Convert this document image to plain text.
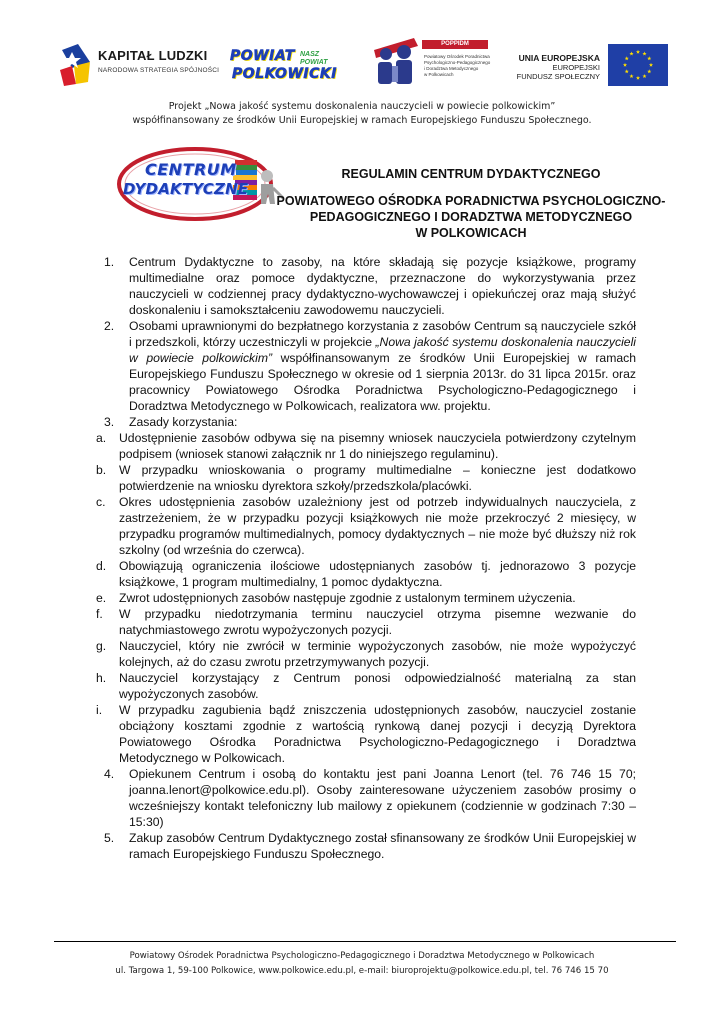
KAPITAŁ LUDZKI
NARODOWA STRATEGIA SPÓJNOŚCI
POWIAT
POLKOWICKI
NASZ
POWIAT
POPPIDM
Powiatowy Ośrodek Poradnictwa
Psychologiczno-Pedagogicznego
i Doradztwa Metodycznego
w Polkowicach
UNIA EUROPEJSKA
EUROPEJSKI
FUNDUSZ SPOŁECZNY
Projekt „Nowa jakość systemu doskonalenia nauczycieli w powiecie polkowickim”
współfinansowany ze środków Unii Europejskiej w ramach Europejskiego Funduszu Społecznego.
CENTRUM
DYDAKTYCZNE
REGULAMIN CENTRUM DYDAKTYCZNEGO
POWIATOWEGO OŚRODKA PORADNICTWA PSYCHOLOGICZNO-
PEDAGOGICZNEGO I DORADZTWA METODYCZNEGO
W POLKOWICACH
1. Centrum Dydaktyczne to zasoby, na które składają się pozycje książkowe, programy multimedialne oraz pomoce dydaktyczne, przeznaczone do wykorzystywania przez nauczycieli w codziennej pracy dydaktyczno-wychowawczej i opiekuńczej oraz mają służyć doskonaleniu i samokształceniu zawodowemu nauczycieli.
2. Osobami uprawnionymi do bezpłatnego korzystania z zasobów Centrum są nauczyciele szkół i przedszkoli, którzy uczestniczyli w projekcie „Nowa jakość systemu doskonalenia nauczycieli w powiecie polkowickim” współfinansowanym ze środków Unii Europejskiej w ramach Europejskiego Funduszu Społecznego w okresie od 1 sierpnia 2013r. do 31 lipca 2015r. oraz pracownicy Powiatowego Ośrodka Poradnictwa Psychologiczno-Pedagogicznego i Doradztwa Metodycznego w Polkowicach, realizatora ww. projektu.
3. Zasady korzystania:
a. Udostępnienie zasobów odbywa się na pisemny wniosek nauczyciela potwierdzony czytelnym podpisem (wniosek stanowi załącznik nr 1 do niniejszego regulaminu).
b. W przypadku wnioskowania o programy multimedialne – konieczne jest dodatkowo potwierdzenie na wniosku dyrektora szkoły/przedszkola/placówki.
c. Okres udostępnienia zasobów uzależniony jest od potrzeb indywidualnych nauczyciela, z zastrzeżeniem, że w przypadku pozycji książkowych nie może przekroczyć 2 miesięcy, w przypadku programów multimedialnych, pomocy dydaktycznych – nie może być dłuższy niż rok szkolny (od września do czerwca).
d. Obowiązują ograniczenia ilościowe udostępnianych zasobów tj. jednorazowo 3 pozycje książkowe, 1 program multimedialny, 1 pomoc dydaktyczna.
e. Zwrot udostępnionych zasobów następuje zgodnie z ustalonym terminem użyczenia.
f. W przypadku niedotrzymania terminu nauczyciel otrzyma pisemne wezwanie do natychmiastowego zwrotu wypożyczonych pozycji.
g. Nauczyciel, który nie zwrócił w terminie wypożyczonych zasobów, nie może wypożyczyć kolejnych, aż do czasu zwrotu przetrzymywanych pozycji.
h. Nauczyciel korzystający z Centrum ponosi odpowiedzialność materialną za stan wypożyczonych zasobów.
i. W przypadku zagubienia bądź zniszczenia udostępnionych zasobów, nauczyciel zostanie obciążony kosztami zgodnie z wartością rynkową danej pozycji i decyzją Dyrektora Powiatowego Ośrodka Poradnictwa Psychologiczno-Pedagogicznego i Doradztwa Metodycznego w Polkowicach.
4. Opiekunem Centrum i osobą do kontaktu jest pani Joanna Lenort (tel. 76 746 15 70; joanna.lenort@polkowice.edu.pl). Osoby zainteresowane użyczeniem zasobów prosimy o wcześniejszy kontakt telefoniczny lub mailowy z opiekunem (codziennie w godzinach 7:30 – 15:30)
5. Zakup zasobów Centrum Dydaktycznego został sfinansowany ze środków Unii Europejskiej w ramach Europejskiego Funduszu Społecznego.
Powiatowy Ośrodek Poradnictwa Psychologiczno-Pedagogicznego i Doradztwa Metodycznego w Polkowicach
ul. Targowa 1, 59-100 Polkowice, www.polkowice.edu.pl, e-mail: biuroprojektu@polkowice.edu.pl, tel. 76 746 15 70
